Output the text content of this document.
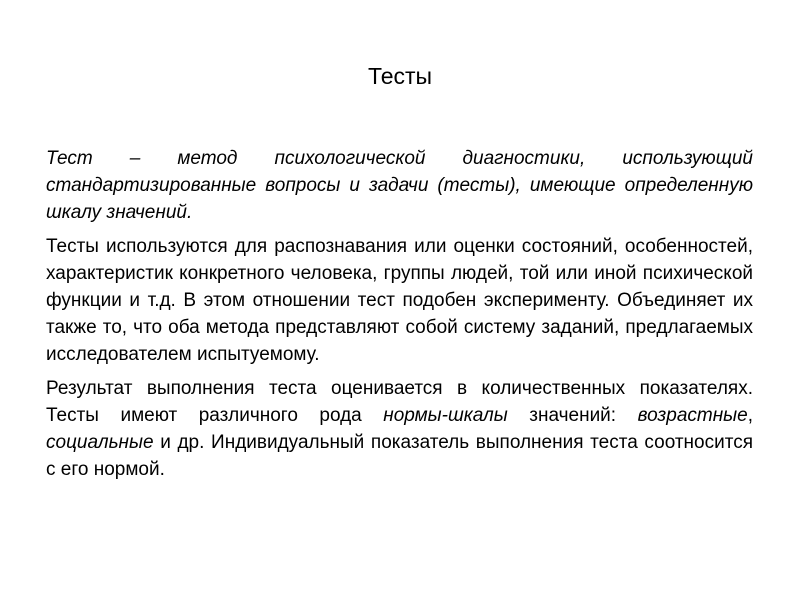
Тесты

Тест – метод психологической диагностики, использующий стандартизированные вопросы и задачи (тесты), имеющие определенную шкалу значений.

Тесты используются для распознавания или оценки состояний, особенностей, характеристик конкретного человека, группы людей, той или иной психической функции и т.д. В этом отношении тест подобен эксперименту. Объединяет их также то, что оба метода представляют собой систему заданий, предлагаемых исследователем испытуемому.

Результат выполнения теста оценивается в количественных показателях. Тесты имеют различного рода нормы-шкалы значений: возрастные, социальные и др. Индивидуальный показатель выполнения теста соотносится с его нормой.
